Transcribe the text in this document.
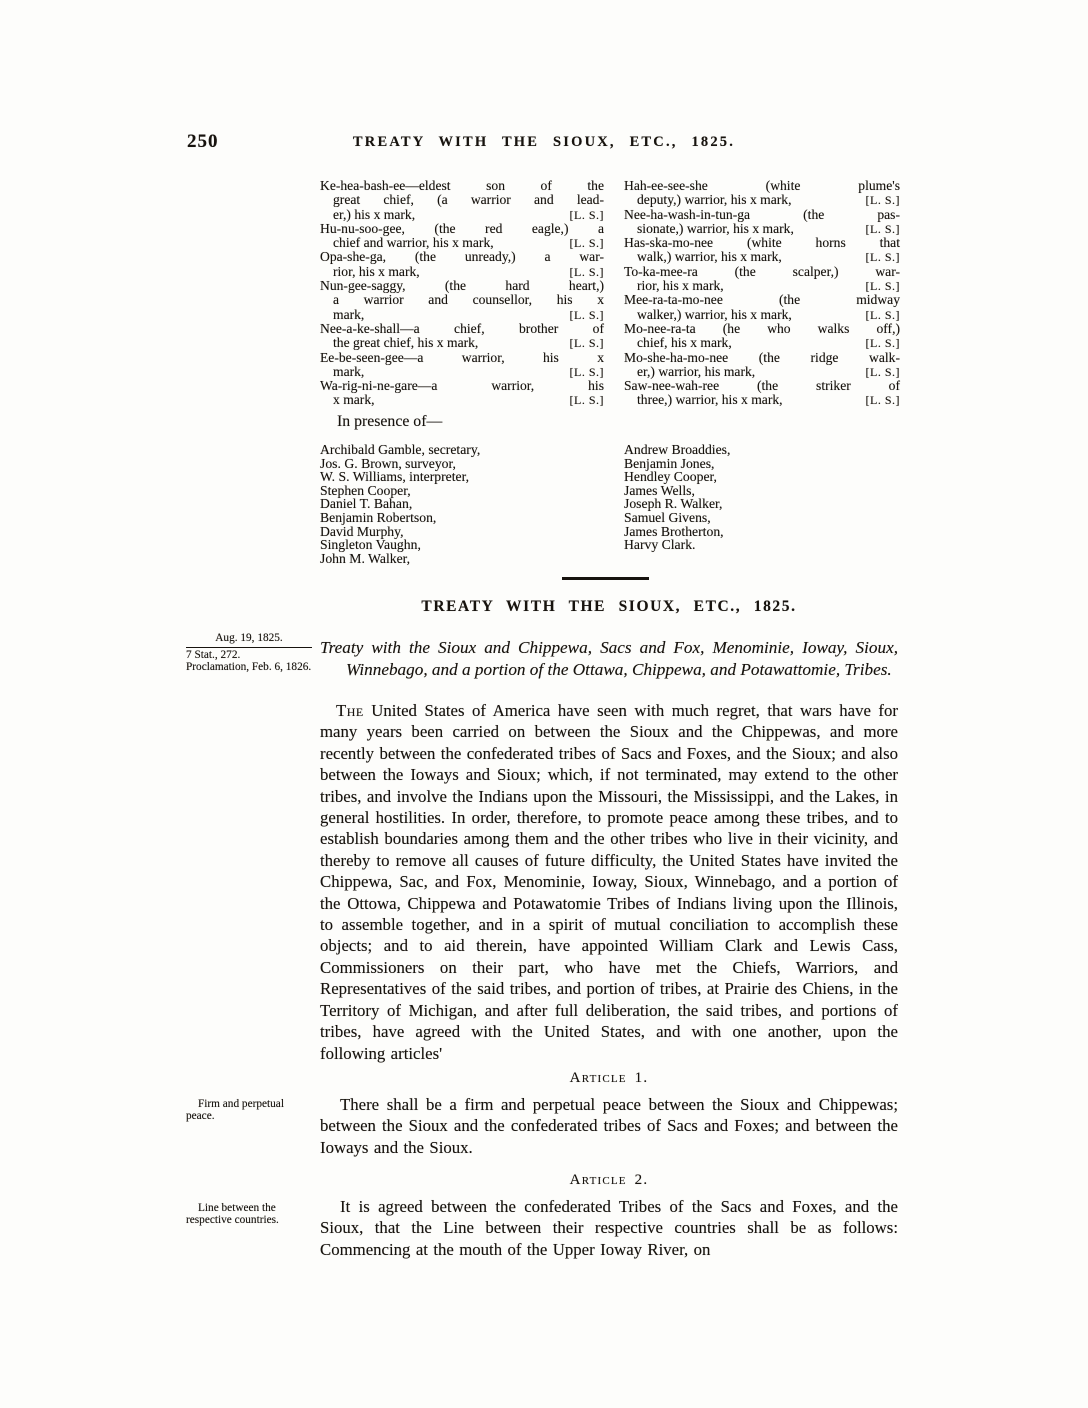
250	TREATY WITH THE SIOUX, ETC., 1825.
Ke-hea-bash-ee—eldest son of the
great chief, (a warrior and lead-
er,) his x mark,	[L. S.]
Hu-nu-soo-gee, (the red eagle,) a
chief and warrior, his x mark,	[L. S.]
Opa-she-ga, (the unready,) a war-
rior, his x mark,	[L. S.]
Nun-gee-saggy, (the hard heart,)
a warrior and counsellor, his x
mark,	[L. S.]
Nee-a-ke-shall—a chief, brother of
the great chief, his x mark,	[L. S.]
Ee-be-seen-gee—a warrior, his x
mark,	[L. S.]
Wa-rig-ni-ne-gare—a warrior, his
x mark,	[L. S.]
Hah-ee-see-she (white plume's
deputy,) warrior, his x mark,	[L. S.]
Nee-ha-wash-in-tun-ga (the pas-
sionate,) warrior, his x mark,	[L. S.]
Has-ska-mo-nee (white horns that
walk,) warrior, his x mark,	[L. S.]
To-ka-mee-ra (the scalper,) war-
rior, his x mark,	[L. S.]
Mee-ra-ta-mo-nee (the midway
walker,) warrior, his x mark,	[L. S.]
Mo-nee-ra-ta (he who walks off,)
chief, his x mark,	[L. S.]
Mo-she-ha-mo-nee (the ridge walk-
er,) warrior, his mark,	[L. S.]
Saw-nee-wah-ree (the striker of
three,) warrior, his x mark,	[L. S.]
In presence of—
Archibald Gamble, secretary,
Jos. G. Brown, surveyor,
W. S. Williams, interpreter,
Stephen Cooper,
Daniel T. Bahan,
Benjamin Robertson,
David Murphy,
Singleton Vaughn,
John M. Walker,
Andrew Broaddies,
Benjamin Jones,
Hendley Cooper,
James Wells,
Joseph R. Walker,
Samuel Givens,
James Brotherton,
Harvy Clark.
TREATY WITH THE SIOUX, ETC., 1825.
Aug. 19, 1825.
7 Stat., 272.
Proclamation, Feb. 6, 1826.
Treaty with the Sioux and Chippewa, Sacs and Fox, Menominie, Ioway, Sioux, Winnebago, and a portion of the Ottawa, Chippewa, and Potawattomie, Tribes.

The United States of America have seen with much regret, that wars have for many years been carried on between the Sioux and the Chippewas, and more recently between the confederated tribes of Sacs and Foxes, and the Sioux; and also between the Ioways and Sioux; which, if not terminated, may extend to the other tribes, and involve the Indians upon the Missouri, the Mississippi, and the Lakes, in general hostilities. In order, therefore, to promote peace among these tribes, and to establish boundaries among them and the other tribes who live in their vicinity, and thereby to remove all causes of future difficulty, the United States have invited the Chippewa, Sac, and Fox, Menominie, Ioway, Sioux, Winnebago, and a portion of the Ottowa, Chippewa and Potawatomie Tribes of Indians living upon the Illinois, to assemble together, and in a spirit of mutual conciliation to accomplish these objects; and to aid therein, have appointed William Clark and Lewis Cass, Commissioners on their part, who have met the Chiefs, Warriors, and Representatives of the said tribes, and portion of tribes, at Prairie des Chiens, in the Territory of Michigan, and after full deliberation, the said tribes, and portions of tribes, have agreed with the United States, and with one another, upon the following articles'

Article 1.
Firm and perpetual peace.

There shall be a firm and perpetual peace between the Sioux and Chippewas; between the Sioux and the confederated tribes of Sacs and Foxes; and between the Ioways and the Sioux.

Article 2.
Line between the respective countries.

It is agreed between the confederated Tribes of the Sacs and Foxes, and the Sioux, that the Line between their respective countries shall be as follows: Commencing at the mouth of the Upper Ioway River, on
